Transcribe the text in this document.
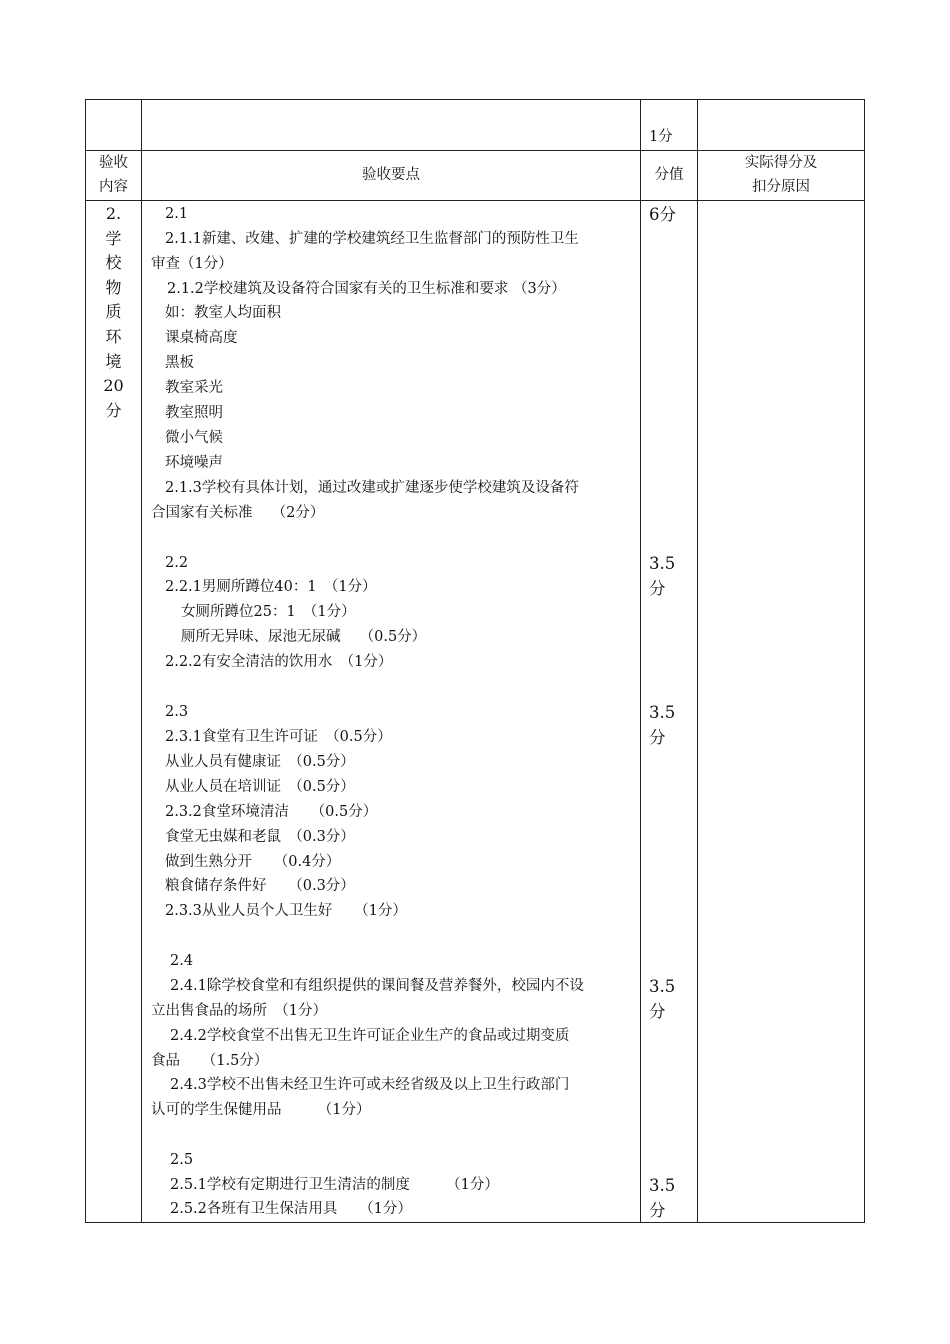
1分
验收
内容
验收要点	分值
实际得分及
扣分原因
2.
学
校
物
质
环
境
20
分
6分
2.1
2.1.1新建、改建、扩建的学校建筑经卫生监督部门的预防性卫生
审查（1分）
2.1.2学校建筑及设备符合国家有关的卫生标准和要求 （3分）
如：教室人均面积
课桌椅高度
黑板
教室采光
教室照明
微小气候
环境噪声
2.1.3学校有具体计划，通过改建或扩建逐步使学校建筑及设备符
合国家有关标准　 （2分）
3.5
分
2.2
2.2.1男厕所蹲位40：1　（1分）
女厕所蹲位25：1　（1分）
厕所无异味、尿池无尿碱　 （0.5分）
2.2.2有安全清洁的饮用水　（1分）
3.5
分
2.3
2.3.1食堂有卫生许可证　（0.5分）
从业人员有健康证　（0.5分）
从业人员在培训证　（0.5分）
2.3.2食堂环境清洁　　（0.5分）
食堂无虫媒和老鼠　（0.3分）
做到生熟分开　　（0.4分）
粮食储存条件好　　（0.3分）
2.3.3从业人员个人卫生好　　（1分）
3.5
分
2.4
2.4.1除学校食堂和有组织提供的课间餐及营养餐外，校园内不设
立出售食品的场所　（1分）
2.4.2学校食堂不出售无卫生许可证企业生产的食品或过期变质
食品　　（1.5分）
2.4.3学校不出售未经卫生许可或未经省级及以上卫生行政部门
认可的学生保健用品　　　（1分）
3.5
分
2.5
2.5.1学校有定期进行卫生清洁的制度　　　（1分）
2.5.2各班有卫生保洁用具　　（1分）
